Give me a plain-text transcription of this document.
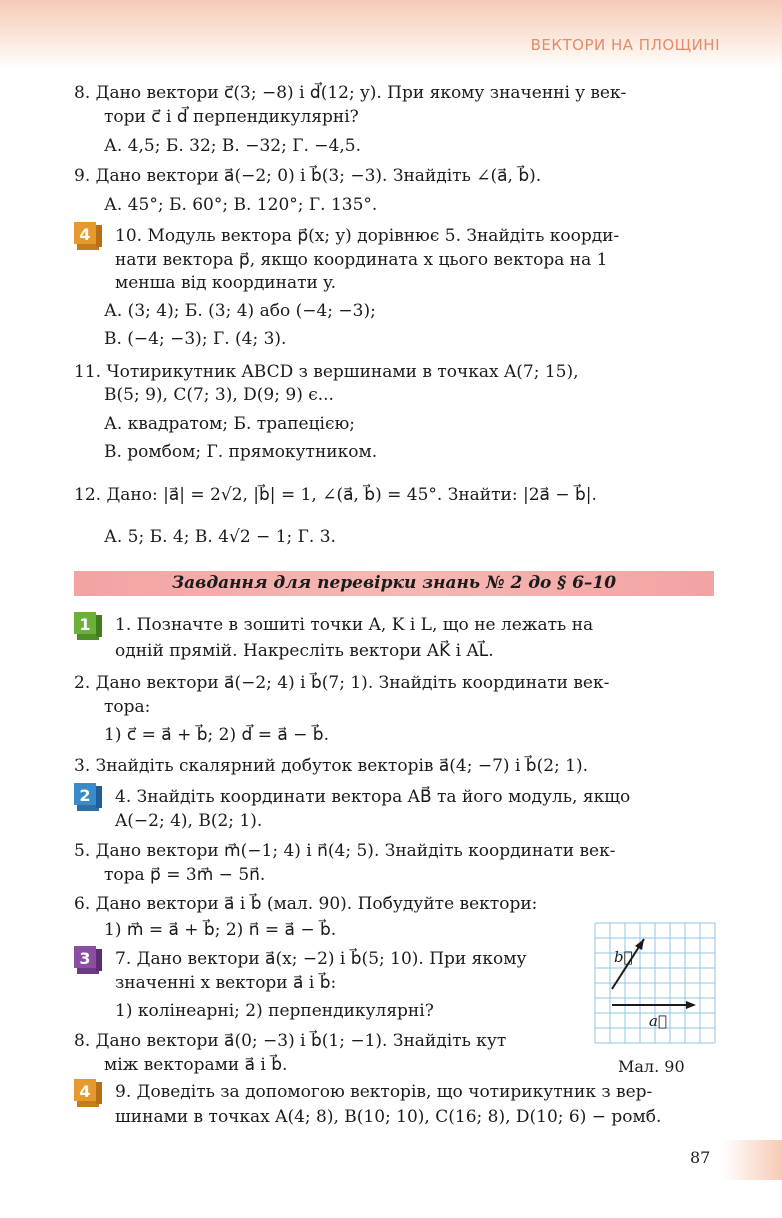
ВЕКТОРИ НА ПЛОЩИНІ
Завдання для перевірки знань № 2 до § 6–10
8. Дано вектори c⃗(3; −8) і d⃗(12; y). При якому значенні y век-
тори c⃗ і d⃗ перпендикулярні?
А. 4,5; Б. 32; В. −32; Г. −4,5.
9. Дано вектори a⃗(−2; 0) і b⃗(3; −3). Знайдіть ∠(a⃗, b⃗).
А. 45°; Б. 60°; В. 120°; Г. 135°.
10. Модуль вектора p⃗(x; y) дорівнює 5. Знайдіть коорди-
нати вектора p⃗, якщо координата x цього вектора на 1
менша від координати y.
А. (3; 4); Б. (3; 4) або (−4; −3);
В. (−4; −3); Г. (4; 3).
11. Чотирикутник ABCD з вершинами в точках A(7; 15),
B(5; 9), C(7; 3), D(9; 9) є...
А. квадратом; Б. трапецією;
В. ромбом; Г. прямокутником.
12. Дано: |a⃗| = 2√2, |b⃗| = 1, ∠(a⃗, b⃗) = 45°. Знайти: |2a⃗ − b⃗|.
А. 5; Б. 4; В. 4√2 − 1; Г. 3.
1. Позначте в зошиті точки A, K і L, що не лежать на
одній прямій. Накресліть вектори AK⃗ і AL⃗.
2. Дано вектори a⃗(−2; 4) і b⃗(7; 1). Знайдіть координати век-
тора:
1) c⃗ = a⃗ + b⃗; 2) d⃗ = a⃗ − b⃗.
3. Знайдіть скалярний добуток векторів a⃗(4; −7) і b⃗(2; 1).
4. Знайдіть координати вектора AB⃗ та його модуль, якщо
A(−2; 4), B(2; 1).
5. Дано вектори m⃗(−1; 4) і n⃗(4; 5). Знайдіть координати век-
тора p⃗ = 3m⃗ − 5n⃗.
6. Дано вектори a⃗ і b⃗ (мал. 90). Побудуйте вектори:
1) m⃗ = a⃗ + b⃗; 2) n⃗ = a⃗ − b⃗.
7. Дано вектори a⃗(x; −2) і b⃗(5; 10). При якому
значенні x вектори a⃗ і b⃗:
1) колінеарні; 2) перпендикулярні?
8. Дано вектори a⃗(0; −3) і b⃗(1; −1). Знайдіть кут
між векторами a⃗ і b⃗.
9. Доведіть за допомогою векторів, що чотирикутник з вер-
шинами в точках A(4; 8), B(10; 10), C(16; 8), D(10; 6) − ромб.
4
1
2
3
4
b⃗
a⃗
Мал. 90
87
